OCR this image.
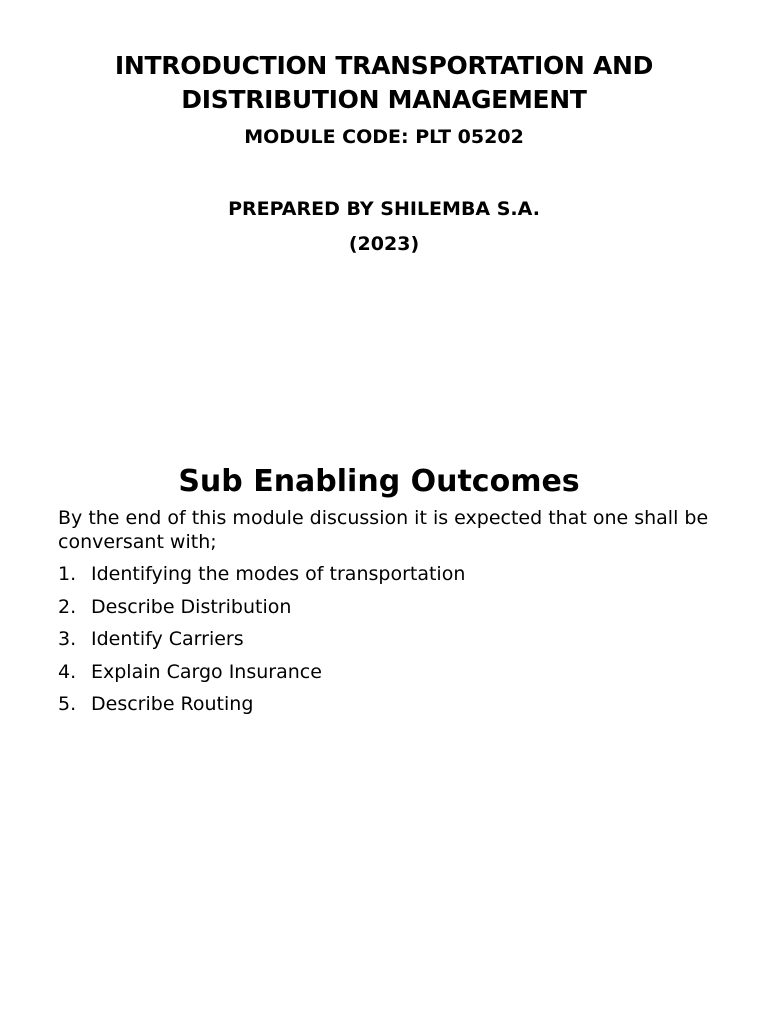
INTRODUCTION TRANSPORTATION AND
DISTRIBUTION MANAGEMENT
MODULE CODE: PLT 05202
PREPARED BY SHILEMBA S.A.
(2023)
Sub Enabling Outcomes
By the end of this module discussion it is expected that one shall be
conversant with;
1. Identifying the modes of transportation
2. Describe Distribution
3. Identify Carriers
4. Explain Cargo Insurance
5. Describe Routing
